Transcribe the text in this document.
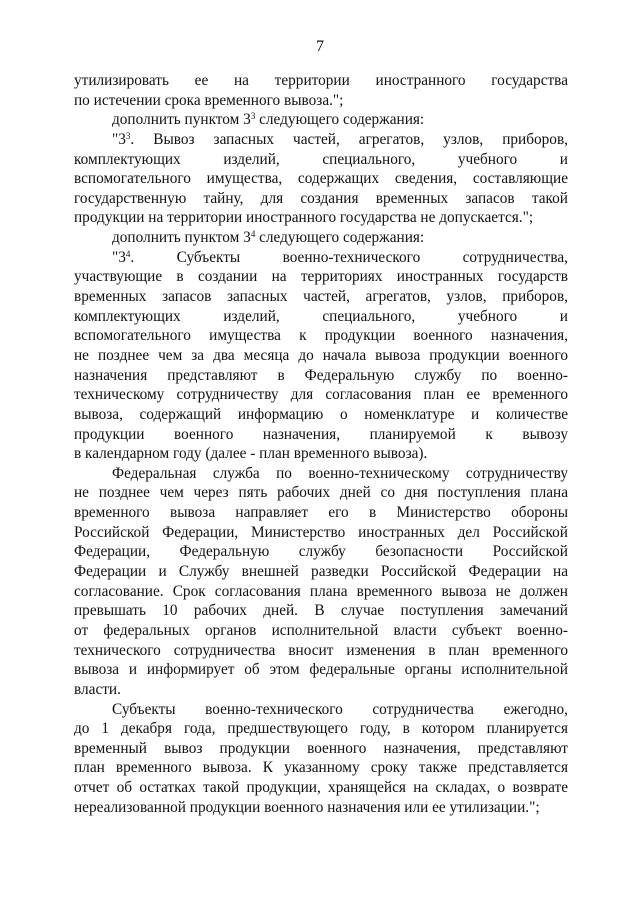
7
утилизировать ее на территории иностранного государства
по истечении срока временного вывоза.";
дополнить пунктом $3^3$ следующего содержания:
"$3^3$. Вывоз запасных частей, агрегатов, узлов, приборов,
комплектующих изделий, специального, учебного и
вспомогательного имущества, содержащих сведения, составляющие
государственную тайну, для создания временных запасов такой
продукции на территории иностранного государства не допускается.";
дополнить пунктом $3^4$ следующего содержания:
"$3^4$. Субъекты военно-технического сотрудничества,
участвующие в создании на территориях иностранных государств
временных запасов запасных частей, агрегатов, узлов, приборов,
комплектующих изделий, специального, учебного и
вспомогательного имущества к продукции военного назначения,
не позднее чем за два месяца до начала вывоза продукции военного
назначения представляют в Федеральную службу по военно-
техническому сотрудничеству для согласования план ее временного
вывоза, содержащий информацию о номенклатуре и количестве
продукции военного назначения, планируемой к вывозу
в календарном году (далее - план временного вывоза).
Федеральная служба по военно-техническому сотрудничеству
не позднее чем через пять рабочих дней со дня поступления плана
временного вывоза направляет его в Министерство обороны
Российской Федерации, Министерство иностранных дел Российской
Федерации, Федеральную службу безопасности Российской
Федерации и Службу внешней разведки Российской Федерации на
согласование. Срок согласования плана временного вывоза не должен
превышать 10 рабочих дней. В случае поступления замечаний
от федеральных органов исполнительной власти субъект военно-
технического сотрудничества вносит изменения в план временного
вывоза и информирует об этом федеральные органы исполнительной
власти.
Субъекты военно-технического сотрудничества ежегодно,
до 1 декабря года, предшествующего году, в котором планируется
временный вывоз продукции военного назначения, представляют
план временного вывоза. К указанному сроку также представляется
отчет об остатках такой продукции, хранящейся на складах, о возврате
нереализованной продукции военного назначения или ее утилизации.";
